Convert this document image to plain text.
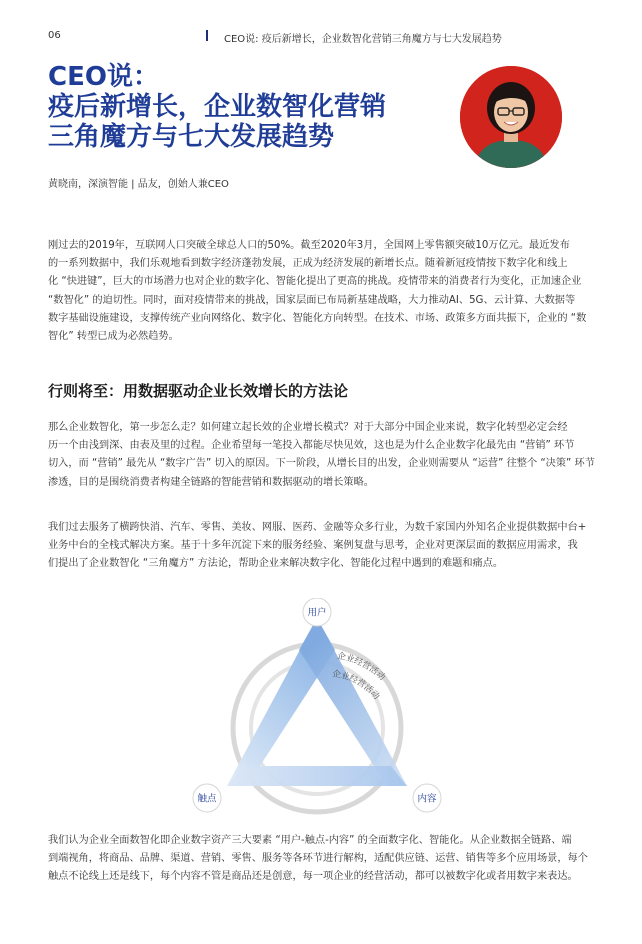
06	CEO说: 疫后新增长，企业数智化营销三角魔方与七大发展趋势
CEO说：
疫后新增长，企业数智化营销
三角魔方与七大发展趋势
黄晓南，深演智能 | 品友，创始人兼CEO
刚过去的2019年，互联网人口突破全球总人口的50%。截至2020年3月，全国网上零售额突破10万亿元。最近发布
的一系列数据中，我们乐观地看到数字经济蓬勃发展，正成为经济发展的新增长点。随着新冠疫情按下数字化和线上
化 “快进键”，巨大的市场潜力也对企业的数字化、智能化提出了更高的挑战。疫情带来的消费者行为变化，正加速企业
“数智化” 的迫切性。同时，面对疫情带来的挑战，国家层面已布局新基建战略，大力推动AI、5G、云计算、大数据等
数字基础设施建设，支撑传统产业向网络化、数字化、智能化方向转型。在技术、市场、政策多方面共振下，企业的 “数
智化” 转型已成为必然趋势。
行则将至：用数据驱动企业长效增长的方法论
那么企业数智化，第一步怎么走？如何建立起长效的企业增长模式？对于大部分中国企业来说，数字化转型必定会经
历一个由浅到深、由表及里的过程。企业希望每一笔投入都能尽快见效，这也是为什么企业数字化最先由 “营销” 环节
切入，而 “营销” 最先从 “数字广告” 切入的原因。下一阶段，从增长目的出发，企业则需要从 “运营” 往整个 “决策” 环节
渗透，目的是围绕消费者构建全链路的智能营销和数据驱动的增长策略。
我们过去服务了横跨快消、汽车、零售、美妆、网服、医药、金融等众多行业，为数千家国内外知名企业提供数据中台+
业务中台的全栈式解决方案。基于十多年沉淀下来的服务经验、案例复盘与思考，企业对更深层面的数据应用需求，我
们提出了企业数智化 “三角魔方” 方法论，帮助企业来解决数字化、智能化过程中遇到的难题和痛点。
企业经营活动
企业经营活动
用户
触点	内容
我们认为企业全面数智化即企业数字资产三大要素 “用户-触点-内容” 的全面数字化、智能化。从企业数据全链路、端
到端视角，将商品、品牌、渠道、营销、零售、服务等各环节进行解构，适配供应链、运营、销售等多个应用场景，每个
触点不论线上还是线下，每个内容不管是商品还是创意，每一项企业的经营活动，都可以被数字化或者用数字来表达。
